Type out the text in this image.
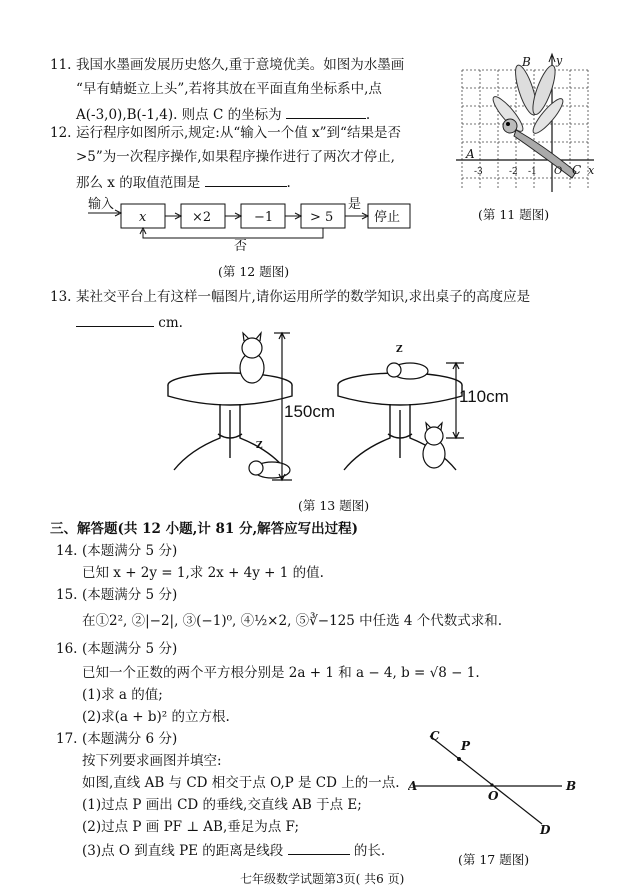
11. 我国水墨画发展历史悠久,重于意境优美。如图为水墨画
“早有蜻蜓立上头”,若将其放在平面直角坐标系中,点
A(-3,0),B(-1,4). 则点 C 的坐标为	.
B y
A
C x
O
-3	-2 -1
(第 11 题图)
12. 运行程序如图所示,规定:从“输入一个值 x”到“结果是否
>5”为一次程序操作,如果程序操作进行了两次才停止,
那么 x 的取值范围是	.
输入
x	×2	−1	> 5
是
停止
否
(第 12 题图)
13. 某社交平台上有这样一幅图片,请你运用所学的数学知识,求出桌子的高度应是
cm.
Z
Z
150cm
110cm
(第 13 题图)
三、解答题(共 12 小题,计 81 分,解答应写出过程)
14. (本题满分 5 分)
已知 x + 2y = 1,求 2x + 4y + 1 的值.
15. (本题满分 5 分)
在①2², ②|−2|, ③(−1)⁰, ④½×2, ⑤∛−125 中任选 4 个代数式求和.
16. (本题满分 5 分)
已知一个正数的两个平方根分别是 2a + 1 和 a − 4, b = √8 − 1.
(1)求 a 的值;
(2)求(a + b)² 的立方根.
17. (本题满分 6 分)
按下列要求画图并填空:
如图,直线 AB 与 CD 相交于点 O,P 是 CD 上的一点.
(1)过点 P 画出 CD 的垂线,交直线 AB 于点 E;
(2)过点 P 画 PF ⊥ AB,垂足为点 F;
(3)点 O 到直线 PE 的距离是线段	的长.
C
P
A
O
B
D
(第 17 题图)
七年级数学试题第3页( 共6 页)
